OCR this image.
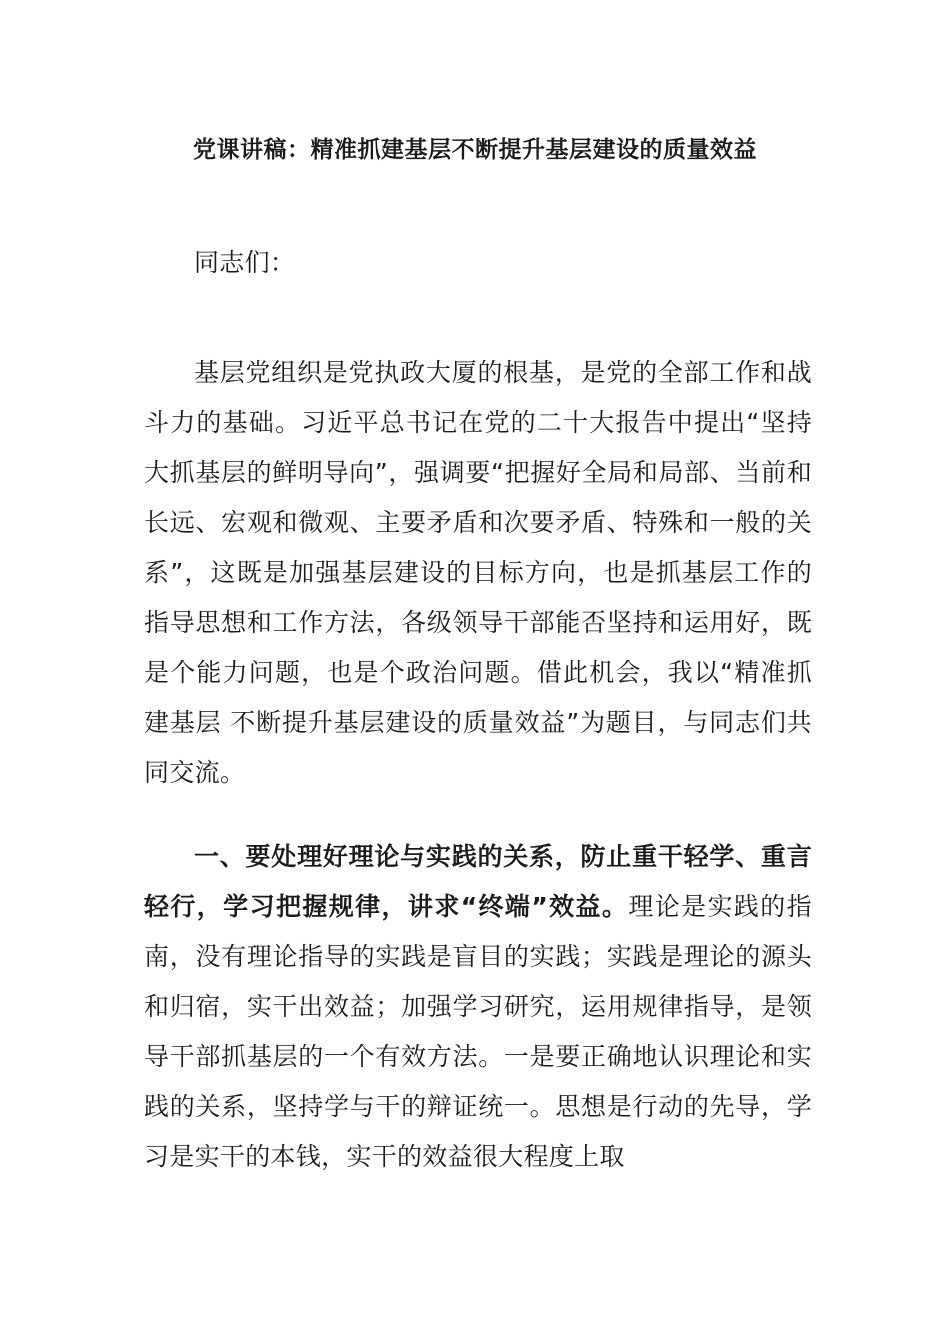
党课讲稿：精准抓建基层不断提升基层建设的质量效益

同志们：

基层党组织是党执政大厦的根基，是党的全部工作和战斗力的基础。习近平总书记在党的二十大报告中提出“坚持大抓基层的鲜明导向”，强调要“把握好全局和局部、当前和长远、宏观和微观、主要矛盾和次要矛盾、特殊和一般的关系”，这既是加强基层建设的目标方向，也是抓基层工作的指导思想和工作方法，各级领导干部能否坚持和运用好，既是个能力问题，也是个政治问题。借此机会，我以“精准抓建基层 不断提升基层建设的质量效益”为题目，与同志们共同交流。

一、要处理好理论与实践的关系，防止重干轻学、重言轻行，学习把握规律，讲求“终端”效益。理论是实践的指南，没有理论指导的实践是盲目的实践；实践是理论的源头和归宿，实干出效益；加强学习研究，运用规律指导，是领导干部抓基层的一个有效方法。一是要正确地认识理论和实践的关系，坚持学与干的辩证统一。思想是行动的先导，学习是实干的本钱，实干的效益很大程度上取
